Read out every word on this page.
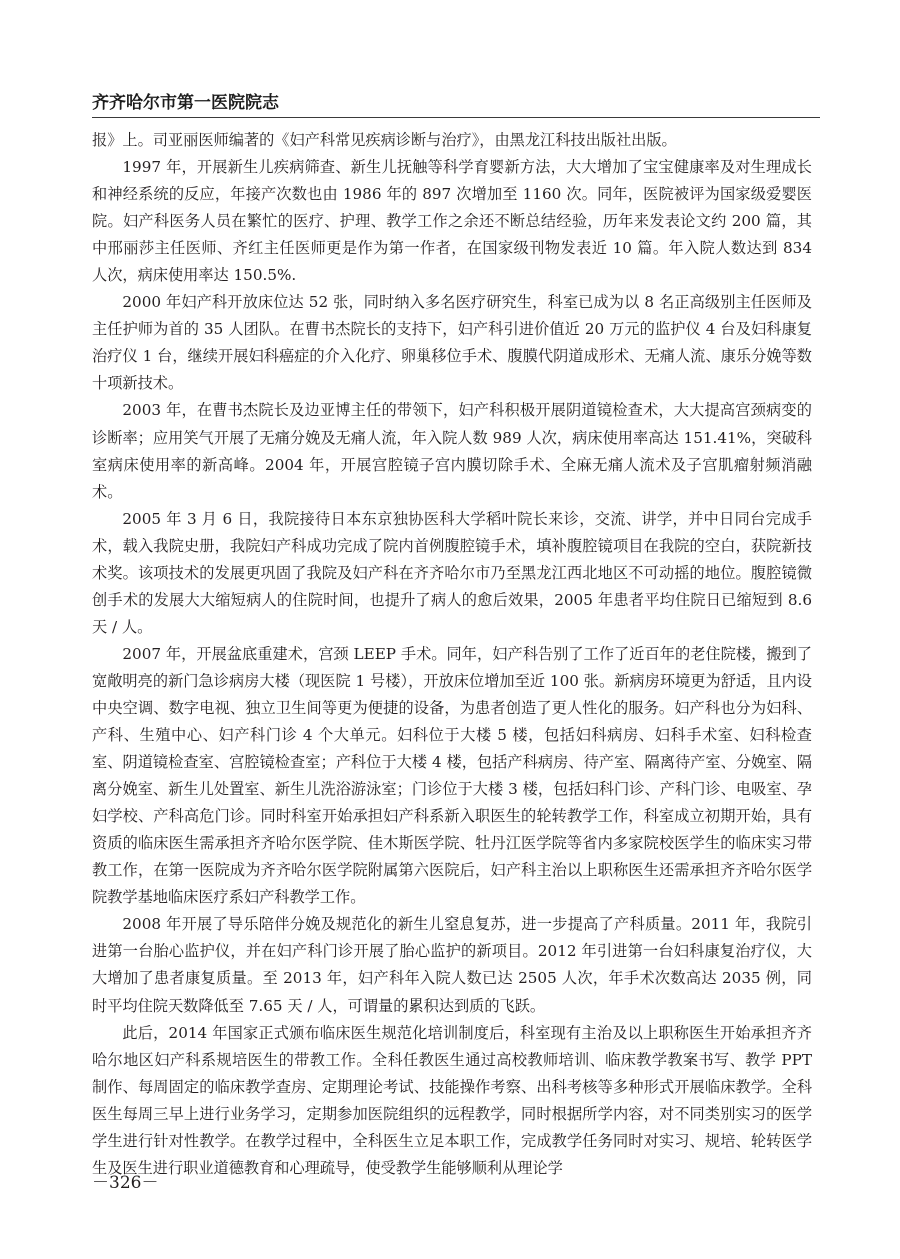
齐齐哈尔市第一医院院志

报》上。司亚丽医师编著的《妇产科常见疾病诊断与治疗》，由黑龙江科技出版社出版。

1997 年，开展新生儿疾病筛查、新生儿抚触等科学育婴新方法，大大增加了宝宝健康率及对生理成长和神经系统的反应，年接产次数也由 1986 年的 897 次增加至 1160 次。同年，医院被评为国家级爱婴医院。妇产科医务人员在繁忙的医疗、护理、教学工作之余还不断总结经验，历年来发表论文约 200 篇，其中邢丽莎主任医师、齐红主任医师更是作为第一作者，在国家级刊物发表近 10 篇。年入院人数达到 834 人次，病床使用率达 150.5%.

2000 年妇产科开放床位达 52 张，同时纳入多名医疗研究生，科室已成为以 8 名正高级别主任医师及主任护师为首的 35 人团队。在曹书杰院长的支持下，妇产科引进价值近 20 万元的监护仪 4 台及妇科康复治疗仪 1 台，继续开展妇科癌症的介入化疗、卵巢移位手术、腹膜代阴道成形术、无痛人流、康乐分娩等数十项新技术。

2003 年，在曹书杰院长及边亚博主任的带领下，妇产科积极开展阴道镜检查术，大大提高宫颈病变的诊断率；应用笑气开展了无痛分娩及无痛人流，年入院人数 989 人次，病床使用率高达 151.41%，突破科室病床使用率的新高峰。2004 年，开展宫腔镜子宫内膜切除手术、全麻无痛人流术及子宫肌瘤射频消融术。

2005 年 3 月 6 日，我院接待日本东京独协医科大学稻叶院长来诊，交流、讲学，并中日同台完成手术，载入我院史册，我院妇产科成功完成了院内首例腹腔镜手术，填补腹腔镜项目在我院的空白，获院新技术奖。该项技术的发展更巩固了我院及妇产科在齐齐哈尔市乃至黑龙江西北地区不可动摇的地位。腹腔镜微创手术的发展大大缩短病人的住院时间，也提升了病人的愈后效果，2005 年患者平均住院日已缩短到 8.6 天 / 人。

2007 年，开展盆底重建术，宫颈 LEEP 手术。同年，妇产科告别了工作了近百年的老住院楼，搬到了宽敞明亮的新门急诊病房大楼（现医院 1 号楼），开放床位增加至近 100 张。新病房环境更为舒适，且内设中央空调、数字电视、独立卫生间等更为便捷的设备，为患者创造了更人性化的服务。妇产科也分为妇科、产科、生殖中心、妇产科门诊 4 个大单元。妇科位于大楼 5 楼，包括妇科病房、妇科手术室、妇科检查室、阴道镜检查室、宫腔镜检查室；产科位于大楼 4 楼，包括产科病房、待产室、隔离待产室、分娩室、隔离分娩室、新生儿处置室、新生儿洗浴游泳室；门诊位于大楼 3 楼，包括妇科门诊、产科门诊、电吸室、孕妇学校、产科高危门诊。同时科室开始承担妇产科系新入职医生的轮转教学工作，科室成立初期开始，具有资质的临床医生需承担齐齐哈尔医学院、佳木斯医学院、牡丹江医学院等省内多家院校医学生的临床实习带教工作，在第一医院成为齐齐哈尔医学院附属第六医院后，妇产科主治以上职称医生还需承担齐齐哈尔医学院教学基地临床医疗系妇产科教学工作。

2008 年开展了导乐陪伴分娩及规范化的新生儿窒息复苏，进一步提高了产科质量。2011 年，我院引进第一台胎心监护仪，并在妇产科门诊开展了胎心监护的新项目。2012 年引进第一台妇科康复治疗仪，大大增加了患者康复质量。至 2013 年，妇产科年入院人数已达 2505 人次，年手术次数高达 2035 例，同时平均住院天数降低至 7.65 天 / 人，可谓量的累积达到质的飞跃。

此后，2014 年国家正式颁布临床医生规范化培训制度后，科室现有主治及以上职称医生开始承担齐齐哈尔地区妇产科系规培医生的带教工作。全科任教医生通过高校教师培训、临床教学教案书写、教学 PPT 制作、每周固定的临床教学查房、定期理论考试、技能操作考察、出科考核等多种形式开展临床教学。全科医生每周三早上进行业务学习，定期参加医院组织的远程教学，同时根据所学内容，对不同类别实习的医学学生进行针对性教学。在教学过程中，全科医生立足本职工作，完成教学任务同时对实习、规培、轮转医学生及医生进行职业道德教育和心理疏导，使受教学生能够顺利从理论学

－326－
